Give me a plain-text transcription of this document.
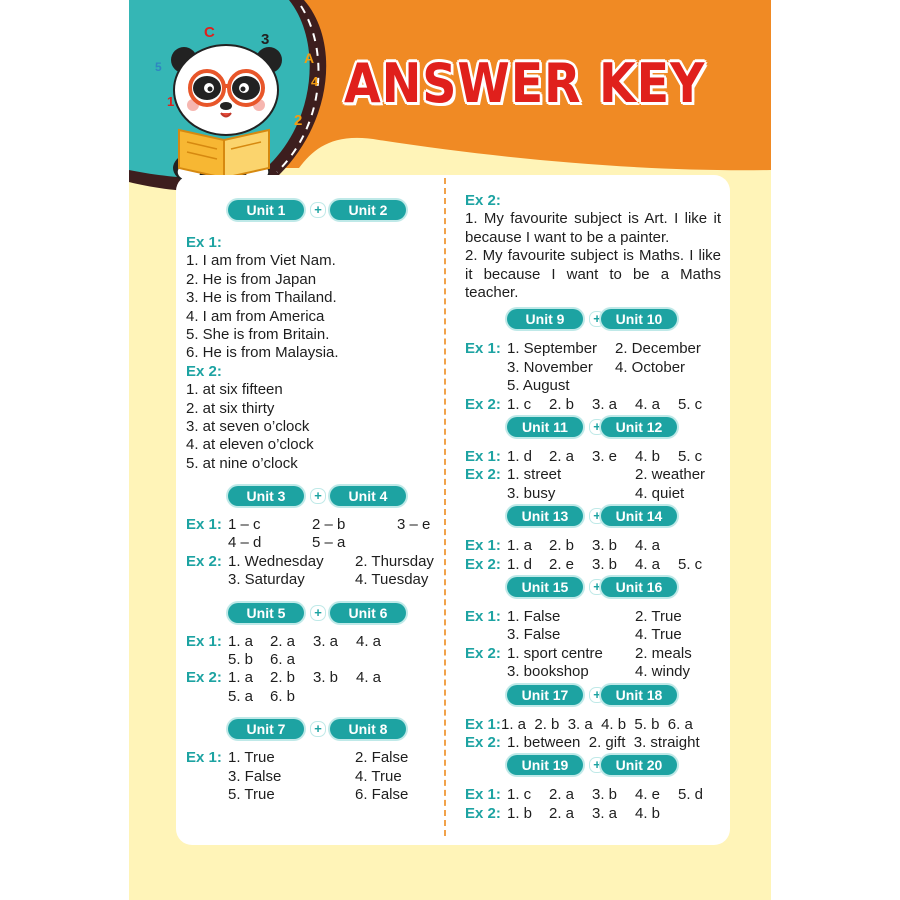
C	3
A
4
2
1
5	ANSWER KEY
Unit 1	+	Unit 2
Ex 1:
1. I am from Viet Nam.
2. He is from Japan
3. He is from Thailand.
4. I am from America
5. She is from Britain.
6. He is from Malaysia.
Ex 2:
1. at six fifteen
2. at six thirty
3. at seven o’clock
4. at eleven o’clock
5. at nine o’clock
Unit 3	+	Unit 4
Ex 1: 1 – c	2 – b	3 – e
4 – d	5 – a
Ex 2: 1. Wednesday 2. Thursday
3. Saturday	4. Tuesday
Unit 5	+	Unit 6
Ex 1: 1. a 2. a 3. a 4. a
5. b 6. a
Ex 2: 1. a 2. b 3. b 4. a
5. a 6. b
Unit 7	+	Unit 8
Ex 1: 1. True	2. False
3. False	4. True
5. True	6. False
Ex 2:
1. My favourite subject is Art. I like it because I want to be a painter.
2. My favourite subject is Maths. I like it because I want to be a Maths teacher.
Unit 9	+	Unit 10
Ex 1: 1. September 2. December
3. November 4. October
5. August
Ex 2: 1. c 2. b 3. a 4. a 5. c
Unit 11	+	Unit 12
Ex 1: 1. d 2. a 3. e 4. b 5. c
Ex 2: 1. street	2. weather
3. busy	4. quiet
Unit 13	+	Unit 14
Ex 1: 1. a 2. b 3. b 4. a
Ex 2: 1. d 2. e 3. b 4. a 5. c
Unit 15	+	Unit 16
Ex 1: 1. False	2. True
3. False	4. True
Ex 2: 1. sport centre 2. meals
3. bookshop	4. windy
Unit 17	+	Unit 18
Ex 1: 1. a  2. b  3. a  4. b  5. b  6. a
Ex 2: 1. between  2. gift  3. straight
Unit 19	+	Unit 20
Ex 1: 1. c 2. a 3. b 4. e 5. d
Ex 2: 1. b 2. a 3. a 4. b
